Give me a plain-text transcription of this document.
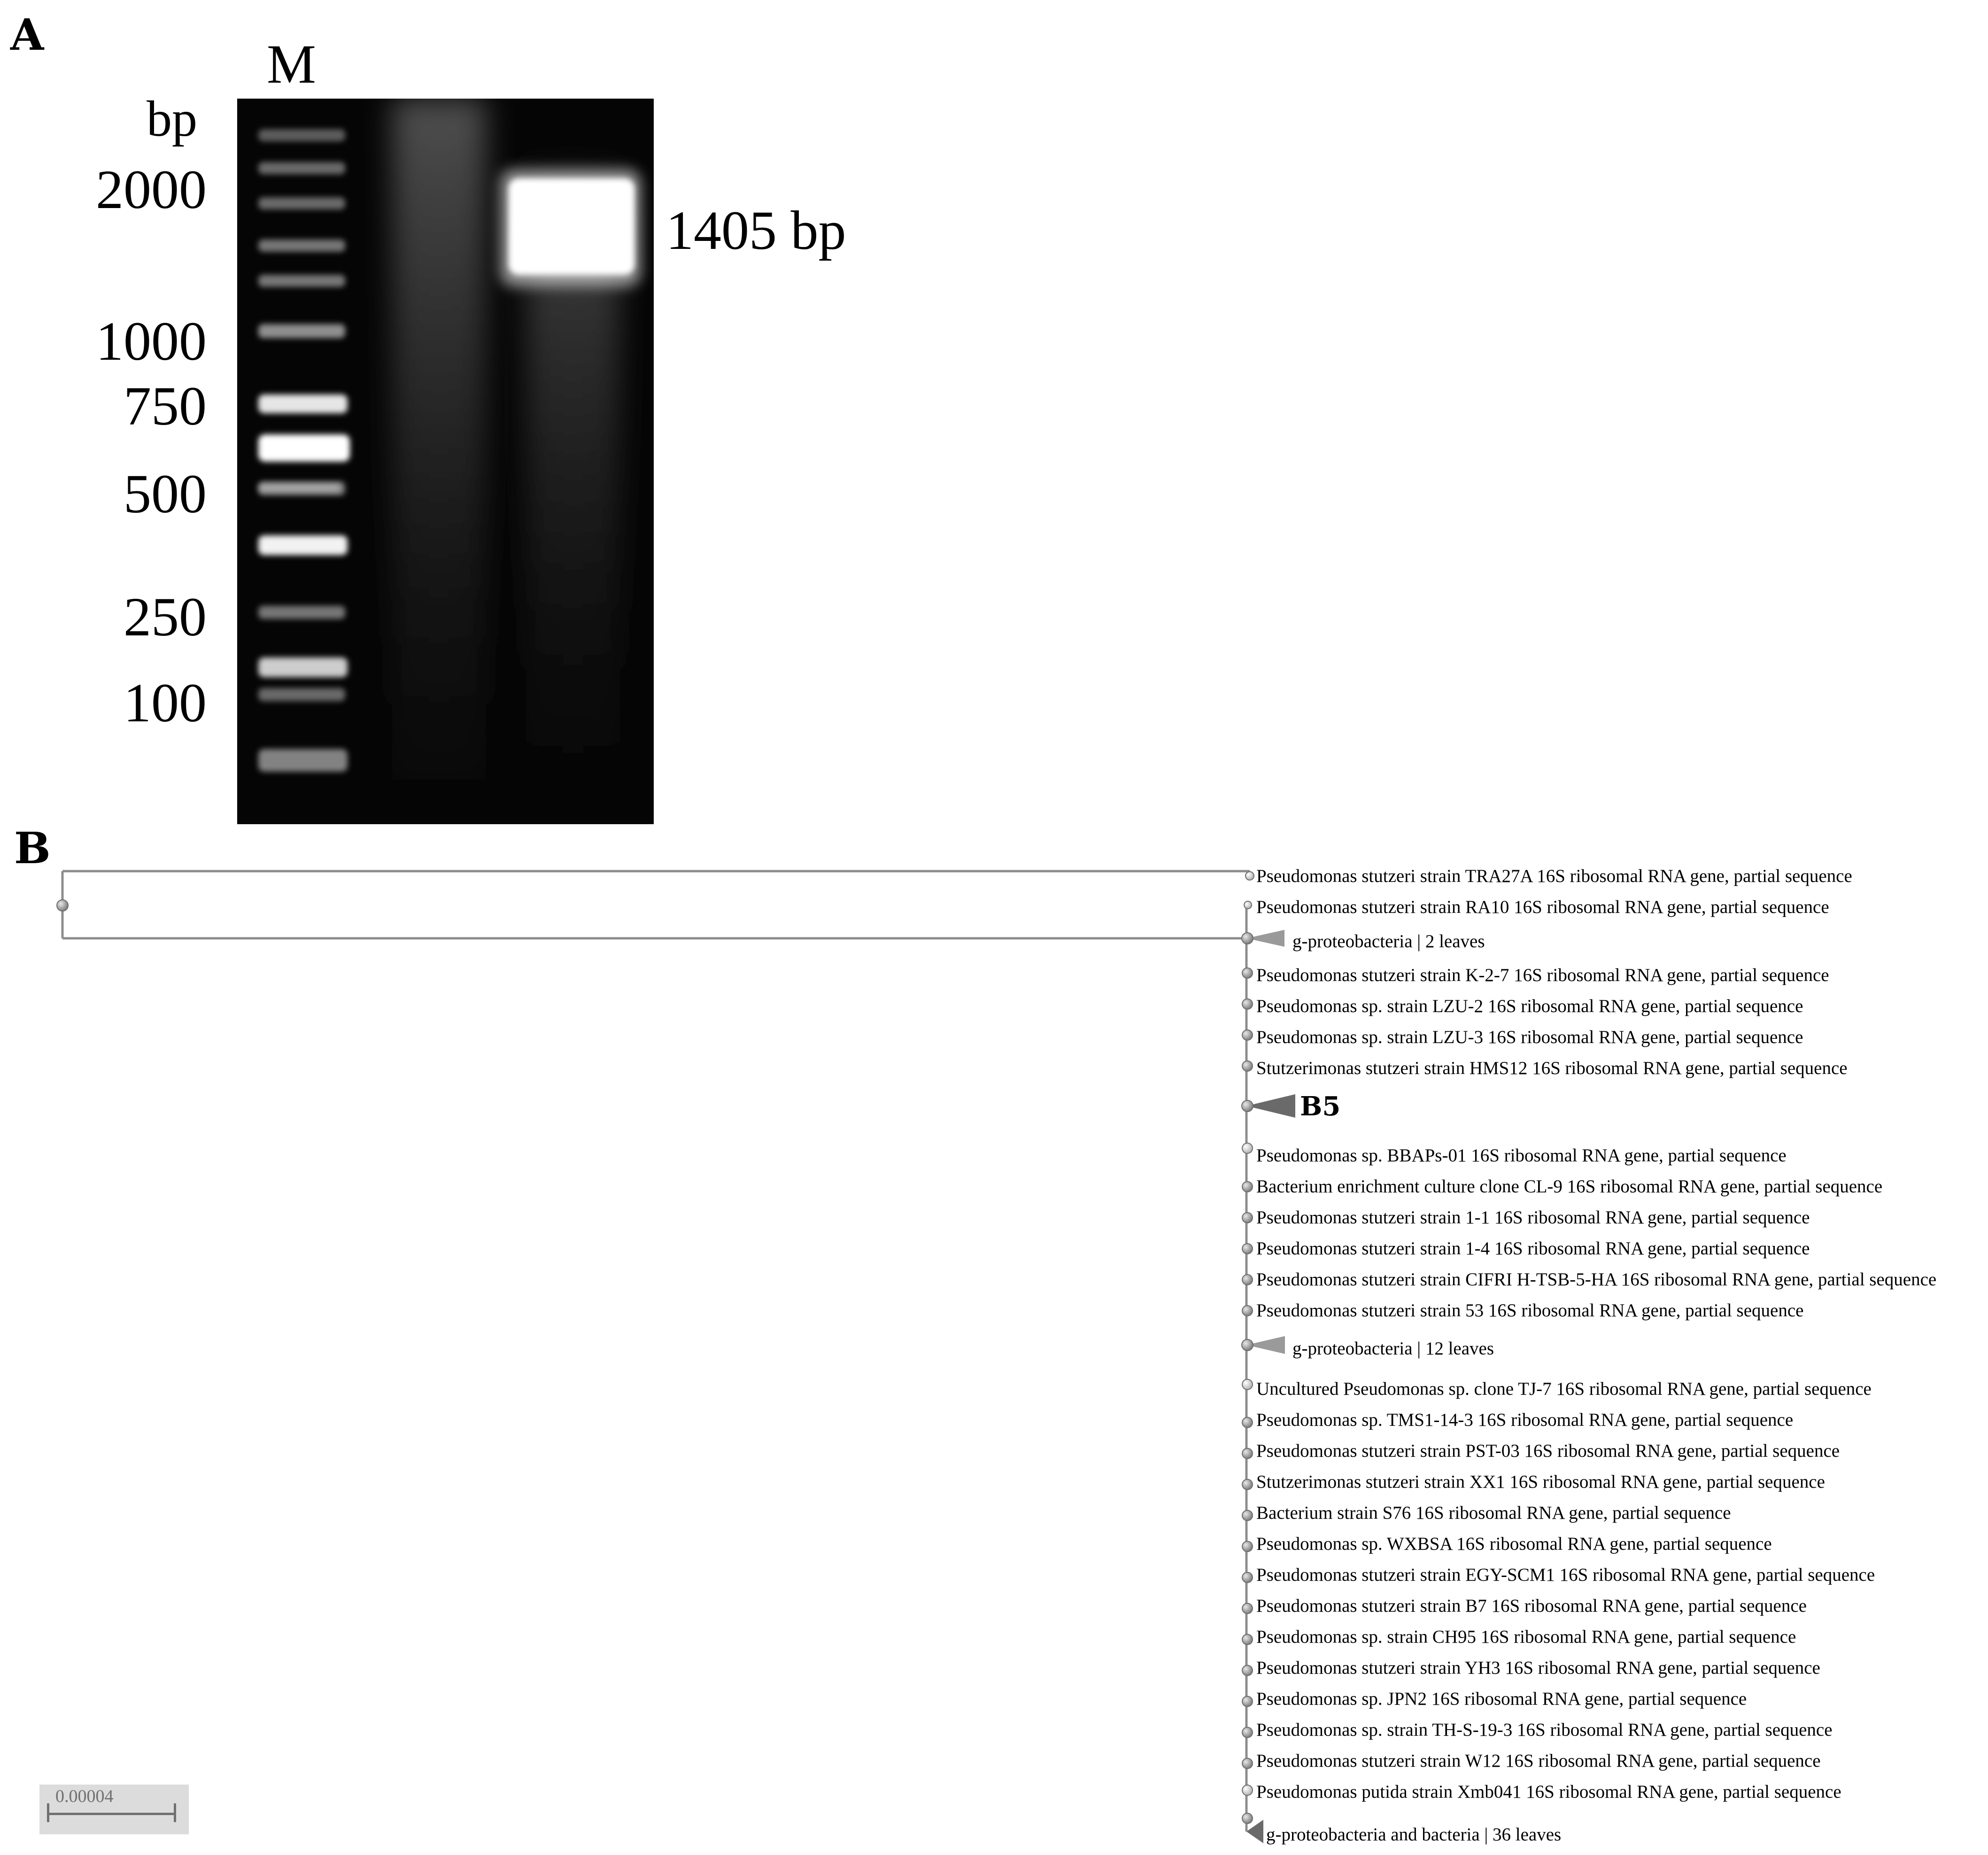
A	M
bp
2000
1000
750
500
250
100
1405 bp
B
Pseudomonas stutzeri strain TRA27A 16S ribosomal RNA gene, partial sequence
Pseudomonas stutzeri strain RA10 16S ribosomal RNA gene, partial sequence
g-proteobacteria | 2 leaves
Pseudomonas stutzeri strain K-2-7 16S ribosomal RNA gene, partial sequence
Pseudomonas sp. strain LZU-2 16S ribosomal RNA gene, partial sequence
Pseudomonas sp. strain LZU-3 16S ribosomal RNA gene, partial sequence
Stutzerimonas stutzeri strain HMS12 16S ribosomal RNA gene, partial sequence
B5
Pseudomonas sp. BBAPs-01 16S ribosomal RNA gene, partial sequence
Bacterium enrichment culture clone CL-9 16S ribosomal RNA gene, partial sequence
Pseudomonas stutzeri strain 1-1 16S ribosomal RNA gene, partial sequence
Pseudomonas stutzeri strain 1-4 16S ribosomal RNA gene, partial sequence
Pseudomonas stutzeri strain CIFRI H-TSB-5-HA 16S ribosomal RNA gene, partial sequence
Pseudomonas stutzeri strain 53 16S ribosomal RNA gene, partial sequence
g-proteobacteria | 12 leaves
Uncultured Pseudomonas sp. clone TJ-7 16S ribosomal RNA gene, partial sequence
Pseudomonas sp. TMS1-14-3 16S ribosomal RNA gene, partial sequence
Pseudomonas stutzeri strain PST-03 16S ribosomal RNA gene, partial sequence
Stutzerimonas stutzeri strain XX1 16S ribosomal RNA gene, partial sequence
Bacterium strain S76 16S ribosomal RNA gene, partial sequence
Pseudomonas sp. WXBSA 16S ribosomal RNA gene, partial sequence
Pseudomonas stutzeri strain EGY-SCM1 16S ribosomal RNA gene, partial sequence
Pseudomonas stutzeri strain B7 16S ribosomal RNA gene, partial sequence
Pseudomonas sp. strain CH95 16S ribosomal RNA gene, partial sequence
Pseudomonas stutzeri strain YH3 16S ribosomal RNA gene, partial sequence
Pseudomonas sp. JPN2 16S ribosomal RNA gene, partial sequence
Pseudomonas sp. strain TH-S-19-3 16S ribosomal RNA gene, partial sequence
Pseudomonas stutzeri strain W12 16S ribosomal RNA gene, partial sequence
Pseudomonas putida strain Xmb041 16S ribosomal RNA gene, partial sequence
g-proteobacteria and bacteria | 36 leaves
0.00004
